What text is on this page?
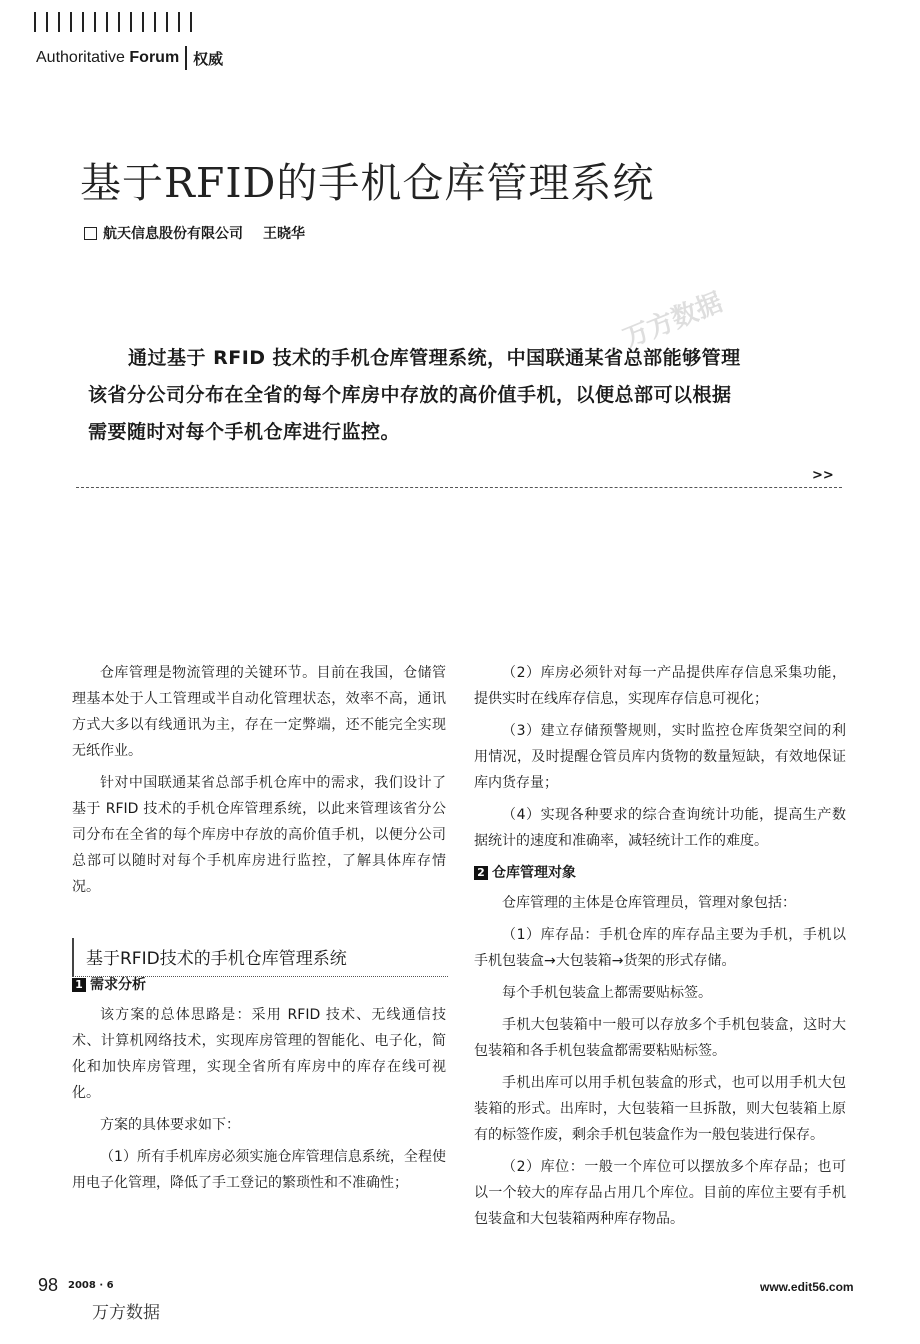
Authoritative Forum 权威
基于RFID的手机仓库管理系统
航天信息股份有限公司 王晓华
万方数据
通过基于 RFID 技术的手机仓库管理系统，中国联通某省总部能够管理该省分公司分布在全省的每个库房中存放的高价值手机，以便总部可以根据需要随时对每个手机仓库进行监控。
>>

仓库管理是物流管理的关键环节。目前在我国，仓储管理基本处于人工管理或半自动化管理状态，效率不高，通讯方式大多以有线通讯为主，存在一定弊端，还不能完全实现无纸作业。

针对中国联通某省总部手机仓库中的需求，我们设计了基于 RFID 技术的手机仓库管理系统，以此来管理该省分公司分布在全省的每个库房中存放的高价值手机，以便分公司总部可以随时对每个手机库房进行监控，了解具体库存情况。

1 需求分析

该方案的总体思路是：采用 RFID 技术、无线通信技术、计算机网络技术，实现库房管理的智能化、电子化，简化和加快库房管理，实现全省所有库房中的库存在线可视化。

方案的具体要求如下：

（1）所有手机库房必须实施仓库管理信息系统，全程使用电子化管理，降低了手工登记的繁琐性和不准确性；

基于RFID技术的手机仓库管理系统

（2）库房必须针对每一产品提供库存信息采集功能，提供实时在线库存信息，实现库存信息可视化；

（3）建立存储预警规则，实时监控仓库货架空间的利用情况，及时提醒仓管员库内货物的数量短缺，有效地保证库内货存量；

（4）实现各种要求的综合查询统计功能，提高生产数据统计的速度和准确率，减轻统计工作的难度。

2 仓库管理对象

仓库管理的主体是仓库管理员，管理对象包括：

（1）库存品：手机仓库的库存品主要为手机，手机以手机包装盒→大包装箱→货架的形式存储。

每个手机包装盒上都需要贴标签。

手机大包装箱中一般可以存放多个手机包装盒，这时大包装箱和各手机包装盒都需要粘贴标签。

手机出库可以用手机包装盒的形式，也可以用手机大包装箱的形式。出库时，大包装箱一旦拆散，则大包装箱上原有的标签作废，剩余手机包装盒作为一般包装进行保存。

（2）库位：一般一个库位可以摆放多个库存品；也可以一个较大的库存品占用几个库位。目前的库位主要有手机包装盒和大包装箱两种库存物品。

98 2008 · 6	www.edit56.com
万方数据
